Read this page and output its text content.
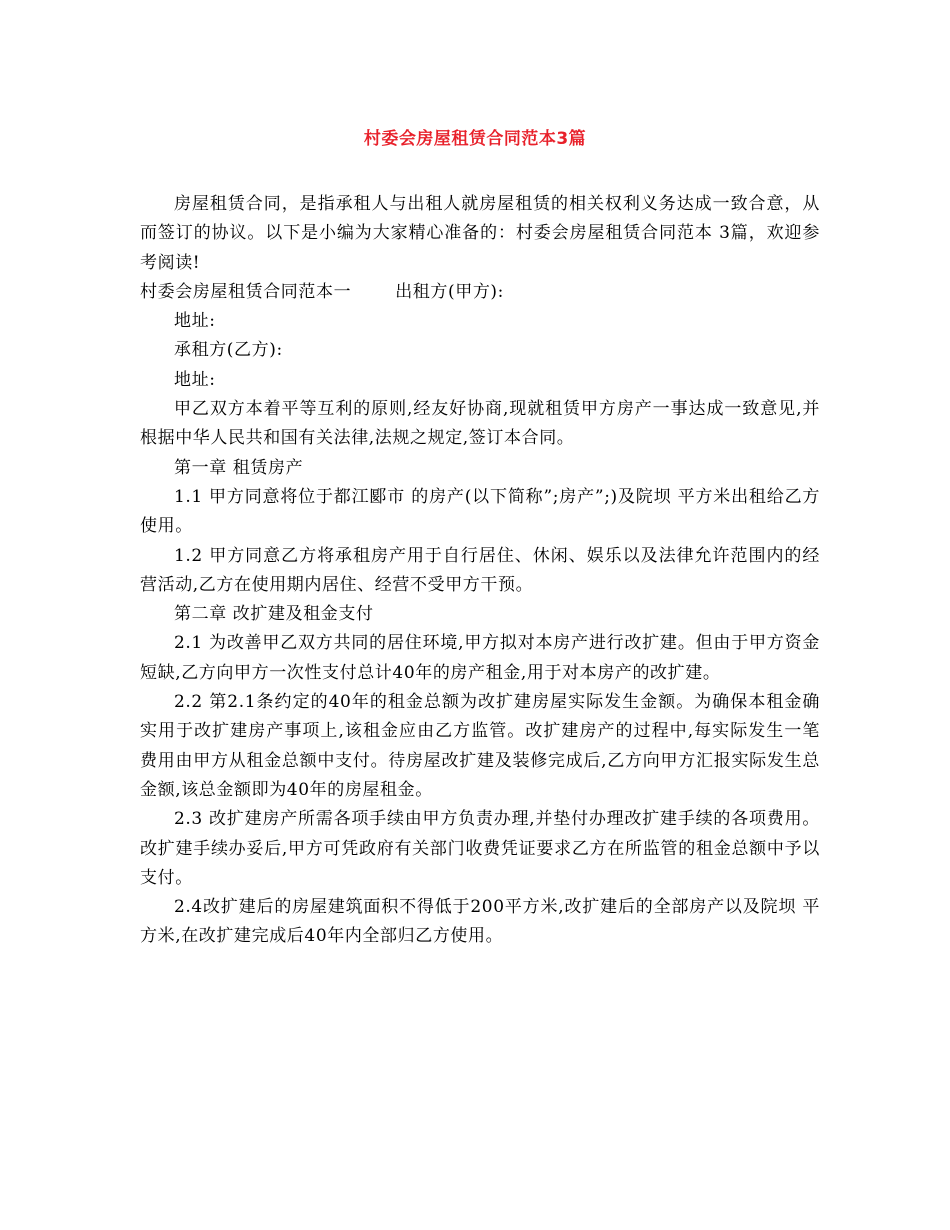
村委会房屋租赁合同范本3篇

房屋租赁合同，是指承租人与出租人就房屋租赁的相关权利义务达成一致合意，从而签订的协议。以下是小编为大家精心准备的：村委会房屋租赁合同范本 3篇，欢迎参考阅读!

村委会房屋租赁合同范本一	出租方(甲方):

地址:

承租方(乙方):

地址:

甲乙双方本着平等互利的原则,经友好协商,现就租赁甲方房产一事达成一致意见,并根据中华人民共和国有关法律,法规之规定,签订本合同。

第一章 租赁房产

1.1 甲方同意将位于都江郾市 的房产(以下简称”;房产”;)及院坝 平方米出租给乙方使用。

1.2 甲方同意乙方将承租房产用于自行居住、休闲、娱乐以及法律允许范围内的经营活动,乙方在使用期内居住、经营不受甲方干预。

第二章 改扩建及租金支付

2.1 为改善甲乙双方共同的居住环境,甲方拟对本房产进行改扩建。但由于甲方资金短缺,乙方向甲方一次性支付总计40年的房产租金,用于对本房产的改扩建。

2.2 第2.1条约定的40年的租金总额为改扩建房屋实际发生金额。为确保本租金确实用于改扩建房产事项上,该租金应由乙方监管。改扩建房产的过程中,每实际发生一笔费用由甲方从租金总额中支付。待房屋改扩建及装修完成后,乙方向甲方汇报实际发生总金额,该总金额即为40年的房屋租金。

2.3 改扩建房产所需各项手续由甲方负责办理,并垫付办理改扩建手续的各项费用。改扩建手续办妥后,甲方可凭政府有关部门收费凭证要求乙方在所监管的租金总额中予以支付。

2.4改扩建后的房屋建筑面积不得低于200平方米,改扩建后的全部房产以及院坝 平方米,在改扩建完成后40年内全部归乙方使用。
